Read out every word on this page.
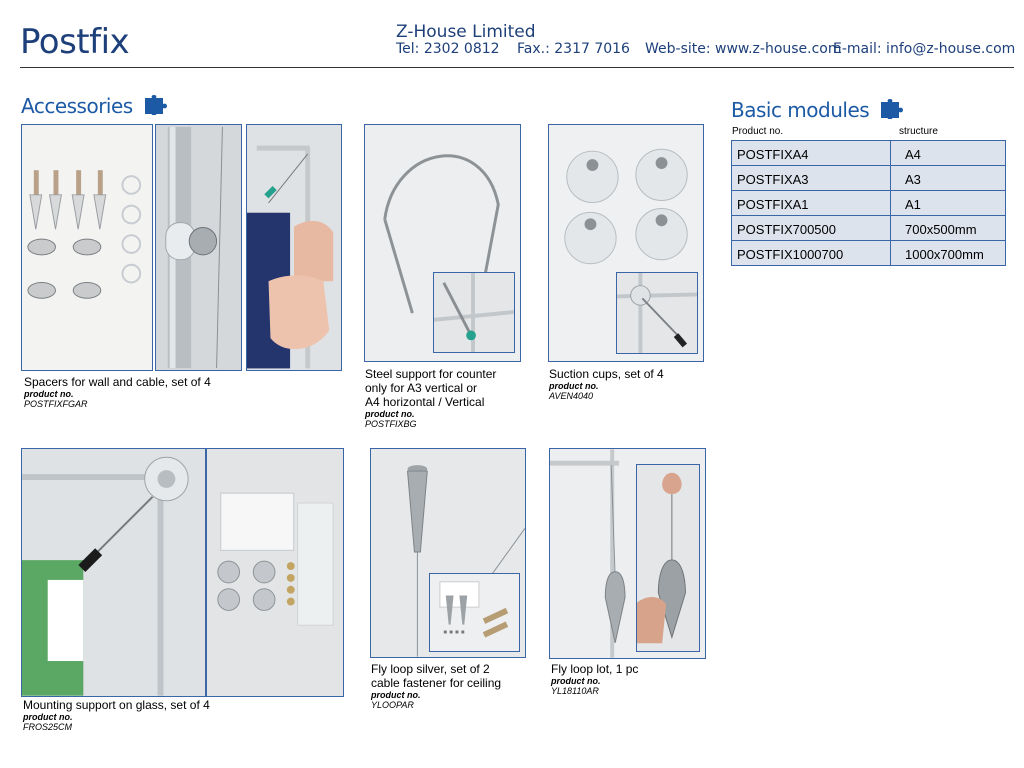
Postfix	Z-House Limited
Tel: 2302 0812 Fax.: 2317 7016 Web-site: www.z-house.com
E-mail: info@z-house.com
Accessories	Basic modules
Spacers for wall and cable, set of 4
product no.
POSTFIXFGAR
Steel support for counter
only for A3 vertical or
A4 horizontal / Vertical
product no.
POSTFIXBG
Suction cups, set of 4
product no.
AVEN4040
Mounting support on glass, set of 4
product no.
FROS25CM
Fly loop silver, set of 2
cable fastener for ceiling
product no.
YLOOPAR
Fly loop lot, 1 pc
product no.
YL18110AR
Product no.	structure
POSTFIXA4	A4
POSTFIXA3	A3
POSTFIXA1	A1
POSTFIX700500	700x500mm
POSTFIX1000700	1000x700mm
